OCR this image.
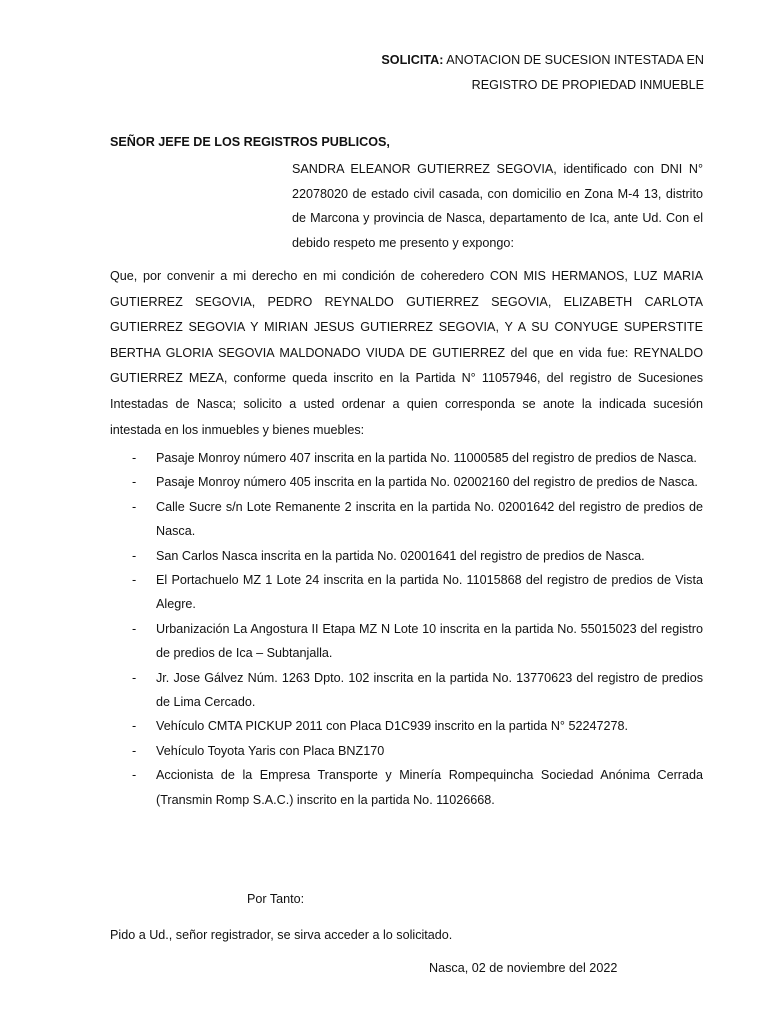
SOLICITA: ANOTACION DE SUCESION INTESTADA EN
REGISTRO DE PROPIEDAD INMUEBLE
SEÑOR JEFE DE LOS REGISTROS PUBLICOS,
SANDRA ELEANOR GUTIERREZ SEGOVIA, identificado con DNI N° 22078020 de estado civil casada, con domicilio en Zona M-4 13, distrito de Marcona y provincia de Nasca, departamento de Ica, ante Ud. Con el debido respeto me presento y expongo:
Que, por convenir a mi derecho en mi condición de coheredero CON MIS HERMANOS, LUZ MARIA GUTIERREZ SEGOVIA, PEDRO REYNALDO GUTIERREZ SEGOVIA, ELIZABETH CARLOTA GUTIERREZ SEGOVIA Y MIRIAN JESUS GUTIERREZ SEGOVIA, Y A SU CONYUGE SUPERSTITE BERTHA GLORIA SEGOVIA MALDONADO VIUDA DE GUTIERREZ del que en vida fue: REYNALDO GUTIERREZ MEZA, conforme queda inscrito en la Partida N° 11057946, del registro de Sucesiones Intestadas de Nasca; solicito a usted ordenar a quien corresponda se anote la indicada sucesión intestada en los inmuebles y bienes muebles:
- Pasaje Monroy número 407 inscrita en la partida No. 11000585 del registro de predios de Nasca.
- Pasaje Monroy número 405 inscrita en la partida No. 02002160 del registro de predios de Nasca.
- Calle Sucre s/n Lote Remanente 2 inscrita en la partida No. 02001642 del registro de predios de Nasca.
- San Carlos Nasca inscrita en la partida No. 02001641 del registro de predios de Nasca.
- El Portachuelo MZ 1 Lote 24 inscrita en la partida No. 11015868 del registro de predios de Vista Alegre.
- Urbanización La Angostura II Etapa MZ N Lote 10 inscrita en la partida No. 55015023 del registro de predios de Ica – Subtanjalla.
- Jr. Jose Gálvez Núm. 1263 Dpto. 102 inscrita en la partida No. 13770623 del registro de predios de Lima Cercado.
- Vehículo CMTA PICKUP 2011 con Placa D1C939 inscrito en la partida N° 52247278.
- Vehículo Toyota Yaris con Placa BNZ170
- Accionista de la Empresa Transporte y Minería Rompequincha Sociedad Anónima Cerrada (Transmin Romp S.A.C.) inscrito en la partida No. 11026668.
Por Tanto:
Pido a Ud., señor registrador, se sirva acceder a lo solicitado.
Nasca, 02 de noviembre del 2022
